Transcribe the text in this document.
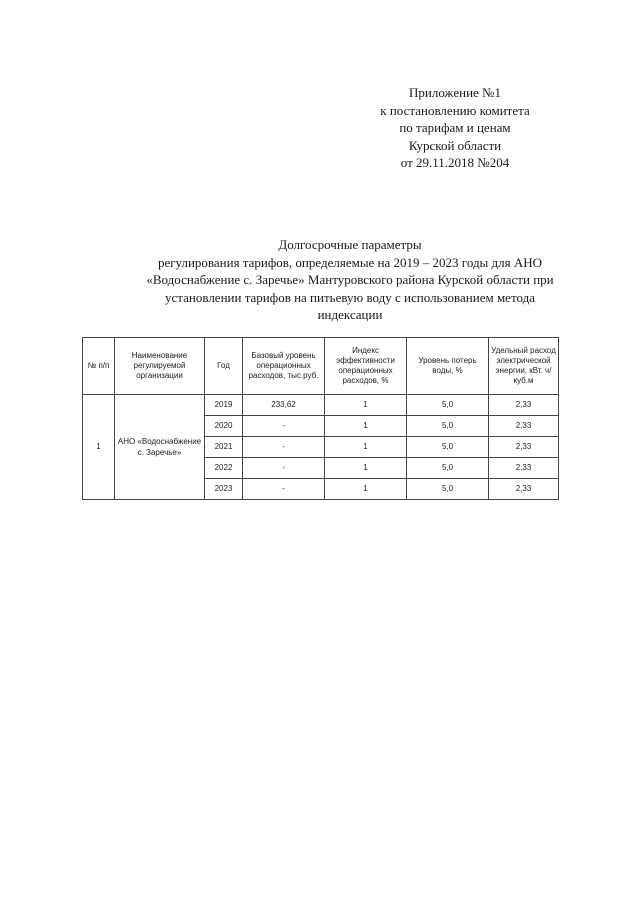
Приложение №1
к постановлению комитета
по тарифам и ценам
Курской области
от 29.11.2018 №204
Долгосрочные параметры
регулирования тарифов, определяемые на 2019 – 2023 годы для АНО
«Водоснабжение с. Заречье» Мантуровского района Курской области при
установлении тарифов на питьевую воду с использованием метода
индексации
№ п/п	Наименование регулируемой организации	Год	Базовый уровень операционных расходов, тыс.руб.	Индекс эффективности операционных расходов, %	Уровень потерь воды, %	Удельный расход электрической энергии, кВт. ч/куб.м
1	АНО «Водоснабжение с. Заречье»	2019	233,62	1	5,0	2,33
		2020	-	1	5,0	2,33
		2021	-	1	5,0	2,33
		2022	-	1	5,0	2,33
		2023	-	1	5,0	2,33
